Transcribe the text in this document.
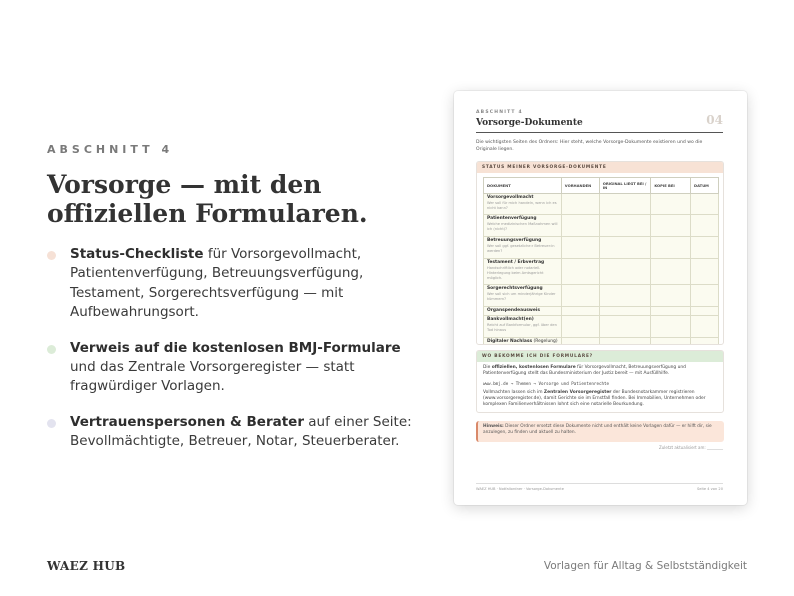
ABSCHNITT 4
Vorsorge — mit den offiziellen Formularen.
Status-Checkliste für Vorsorgevollmacht, Patientenverfügung, Betreuungsverfügung, Testament, Sorgerechtsverfügung — mit Aufbewahrungsort.
Verweis auf die kostenlosen BMJ-Formulare und das Zentrale Vorsorgeregister — statt fragwürdiger Vorlagen.
Vertrauenspersonen & Berater auf einer Seite: Bevollmächtigte, Betreuer, Notar, Steuerberater.
WAEZ HUB	Vorlagen für Alltag & Selbstständigkeit
ABSCHNITT 4
Vorsorge-Dokumente	04
Die wichtigsten Seiten des Ordners: Hier steht, welche Vorsorge-Dokumente existieren und wo die Originale liegen.
STATUS MEINER VORSORGE-DOKUMENTE
DOKUMENT	VORHANDEN	ORIGINAL LIEGT BEI / IN	KOPIE BEI	DATUM

Vorsorgevollmacht
Wer soll für mich handeln, wenn ich es nicht kann?				

Patientenverfügung
Welche medizinischen Maßnahmen will ich (nicht)?				

Betreuungsverfügung
Wer soll ggf. gesetzliche:r Betreuer:in werden?				

Testament / Erbvertrag
Handschriftlich oder notariell. Hinterlegung beim Amtsgericht möglich.				

Sorgerechtsverfügung
Wer soll sich um minderjährige Kinder kümmern?				

Organspendeausweis				

Bankvollmacht(en)
Reicht auf Bankformular, ggf. über den Tod hinaus				

Digitaler Nachlass (Regelung)				

WO BEKOMME ICH DIE FORMULARE?
Die offiziellen, kostenlosen Formulare für Vorsorgevollmacht, Betreuungsverfügung und Patientenverfügung stellt das Bundesministerium der Justiz bereit — mit Ausfüllhilfe.
www.bmj.de → Themen → Vorsorge und Patientenrechte
Vollmachten lassen sich im Zentralen Vorsorgeregister der Bundesnotarkammer registrieren (www.vorsorgeregister.de), damit Gerichte sie im Ernstfall finden. Bei Immobilien, Unternehmen oder komplexen Familienverhältnissen lohnt sich eine notarielle Beurkundung.
Hinweis: Dieser Ordner ersetzt diese Dokumente nicht und enthält keine Vorlagen dafür — er hilft dir, sie anzulegen, zu finden und aktuell zu halten.
Zuletzt aktualisiert am: ________
WAEZ HUB · Notfallordner · Vorsorge-Dokumente	Seite 4 von 20
